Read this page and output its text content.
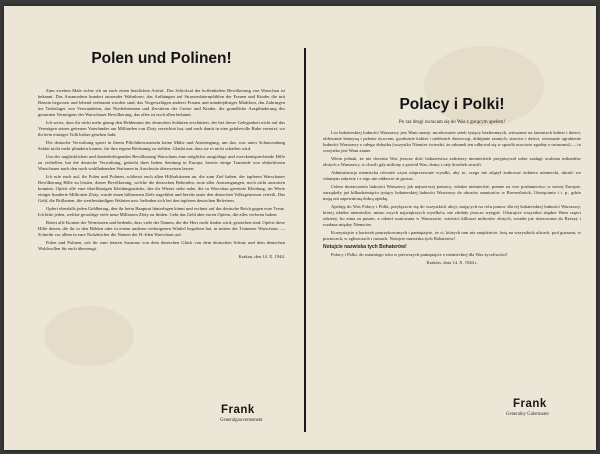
Polen und Polinen!

Zum zweiten Male richte ich an euch einen herzlichen Aufruf. Das Schicksal der hoffenhaften Bevölkerung von Warschau ist bekannt. Das Ausmordern hundert tausender Wahnloser, das Aufhängen auf Strassenlaternpfählen der Frauen und Kinder die mit Benzin begossen und lebend verbrannt worden sind, das Vergewaltigen anderer Frauen und minderjähriger Mädchen, das Zubringen ins Todeslager von Verwundeten, das Niederbrennen und Zerstören der Greise und Kinder, die grundliche Ausplünderung des gesamten Vermögens der Warschauer Bevölkerung, das alles ist euch allen bekannt.

Ich weiss, dass ihr nicht mehr genug den Heldenmut der deutschen Soldaten erschüttert, der bei dieser Gelegenheit nicht auf das Vermögen seines getreuen Vaterlandes am Milliarden von Zloty verzichtet hat, und euch damit in eine gefahrvolle Ruhe versetzt, wo ihr kein einziges Volk bisher gesehen habt.

Die deutsche Verwaltung sperrt in ihrem Pflichtbewusstsein keine Mühe und Anstrengung, um das, was unter Schutzendung Soldat nicht mehr plündern konnte, für ihre eigene Rechnung zu stehlen. Glaubt nur, dass sie es nicht schaffen wird.

Um der unglücklichen und daniederliegenden Bevölkerung Warschaus eine möglichst ausgiebige und zweckentsprechende Hilfe zu verhelfen, hat die deutsche Verwaltung, gedacht ihrer hohen Sendung in Europa, bereits einige Tausende von obdachlosen Warschauer nach den noch wohlhabenden Stationen in Auschwitz überweisen lassen.

Ich rufe euch auf, ihr Polen und Polinen, schliesst euch allen Hilfsaktionen an, die zum Ziel haben, der tapferen Warschauer Bevölkerung Hilfe zu leisten, dieser Bevölkerung, welche die deutschen Behörden, trotz aller Anstrengungen, noch nicht ausrotten konnten. Opfert alle eure überflüssigen Kleidungsstücke, das ihr Winter steht nahe, die in Warschau gerettete Kleidung, im Werte einiger hunderte Millionen Zloty, wurde einen hilfsarmen Ziele zugeführt und bereits unter den deutschen Volksgenossen verteilt. Das Geld, die Brillanten, die wertbeständigen Waluten usw. befinden sich bei den tapferen deutschen Befreiern.

Opfert ebenfalls jeden Geldbetrag, den ihr beim Hauptrat hinterlegen könnt und rechnet auf das deutsche Reich gegen eure Treue. Ich bitte jeden, welche gewaltige viele neue Millionen Zloty zu finden. Gebt das Geld aber euren Opfern, die alles verloren haben.

Rettet alle Konten der Vermissten und bedenkt, dass viele der Namen, die der Herr nicht finden wird, gestorben sind. Opfert diese Hilfe denen, die ihr in den Höhlen oder in einem anderen verborgenen Winkel begraben hat, in mitten der Trümmer Warschaus. — Schreibt vor allem in eure Notizbücher die Namen der H.-Iden Warschaus auf.

Polen und Polinen, seit ihr zum letzten Ausmass von dem deutschen Glück von dem deutschen Schutz und dem deutschen Wohlwollen für euch überzeugt.

Krakau, den 14. X. 1944.

Polacy i Polki!

Po raz drugi zwracam się do Was z gorącym apelem!

Los bohaterskiej ludności Warszawy jest Wam znany; mordowanie setek tysięcy bezbronnych, wieszanie na latarniach kobiet i dzieci, oblewanie benzyną i palenie żywcem, gwałcenie kobiet i nieletnich dziewcząt, dobijanie rannych, starców i dzieci, wieszanie ograbienie ludności Warszawy z całego dobytku (wszystko Niemiec twierdzi, że rabunek ten odbywał się w sposób uczciwie zgodny z ustawami) — to wszystko jest Wam znane.

Wiem jednak, że nie docenia Was jeszcze dość bohaterstwa żołnierzy niemieckich przypisywał sobie zasługi ocalenia miliardów złotych z Warszawy, w chwili gdy miliony z pośród Was, domy i cały dorobek stracili.

Administracja niemiecka również czyni nieprzerwane wysiłki, aby to, czego nie zdążył zrabować żołnierz niemiecki, ukraść we własnym zakresie i z tego nie oddawać ni grosza.

Celem dostarczenia ludności Warszawy jak najszerszej pomocy, władze niemieckie, pomne na swe posłannictwo w nowej Europie, zarządziły już kilkudziesięciu tysięcy bohaterskiej ludności Warszawy do obozów sanatoriów w Ravensbrück, Oświęcimiu i t. p., gdzie mają oni zapewnioną dobrą opiekę.

Apeluję do Was Polacy i Polki, przyłączcie się do wszystkich akcji, mających na celu pomoc dla tej bohaterskiej ludności Warszawy, której władze niemieckie, mimo swych największych wysiłków, nie zdołały jeszcze wytępić. Ofiarujcie wszystkie zbędne Wam części odzieży, bo zima za pasem, a odzież uratowana w Warszawie, wartości kilkuset milionów złotych, została już skierowana do Rzeszy i rozdana między Niemców.

Korzystajcie z kartotek pourzykowanych i pamiętajcie, że ci, których tam nie znajdziecie, leżą na wszystkich ulicach, pod gruzami, w piwnicach, w zgliszczach i ruinach. Notujcie nazwiska tych Bohaterów!

Notujcie nazwiska tych Bohaterów!

Polacy i Polki, do ostatniego tchu w pierwszych pamiętajcie o niemieckiej dla Was życzliwości!

Kraków, dnia 14. X. 1944 r.

Frank
Generalgouvernement
Frank
Generalny Gubernator
